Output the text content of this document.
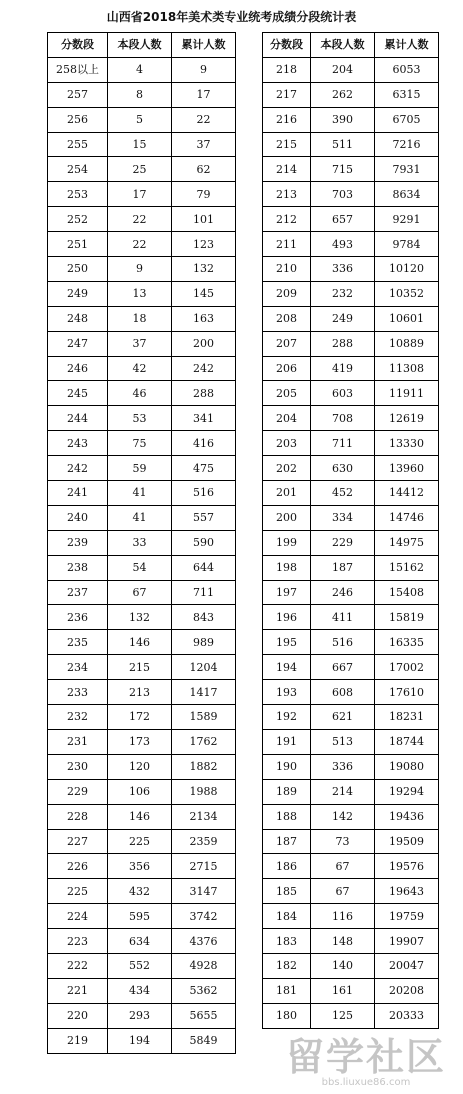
山西省2018年美术类专业统考成绩分段统计表
分数段	本段人数	累计人数
258以上	4	9
257	8	17
256	5	22
255	15	37
254	25	62
253	17	79
252	22	101
251	22	123
250	9	132
249	13	145
248	18	163
247	37	200
246	42	242
245	46	288
244	53	341
243	75	416
242	59	475
241	41	516
240	41	557
239	33	590
238	54	644
237	67	711
236	132	843
235	146	989
234	215	1204
233	213	1417
232	172	1589
231	173	1762
230	120	1882
229	106	1988
228	146	2134
227	225	2359
226	356	2715
225	432	3147
224	595	3742
223	634	4376
222	552	4928
221	434	5362
220	293	5655
219	194	5849
分数段	本段人数	累计人数
218	204	6053
217	262	6315
216	390	6705
215	511	7216
214	715	7931
213	703	8634
212	657	9291
211	493	9784
210	336	10120
209	232	10352
208	249	10601
207	288	10889
206	419	11308
205	603	11911
204	708	12619
203	711	13330
202	630	13960
201	452	14412
200	334	14746
199	229	14975
198	187	15162
197	246	15408
196	411	15819
195	516	16335
194	667	17002
193	608	17610
192	621	18231
191	513	18744
190	336	19080
189	214	19294
188	142	19436
187	73	19509
186	67	19576
185	67	19643
184	116	19759
183	148	19907
182	140	20047
181	161	20208
180	125	20333
留学社区
bbs.liuxue86.com
